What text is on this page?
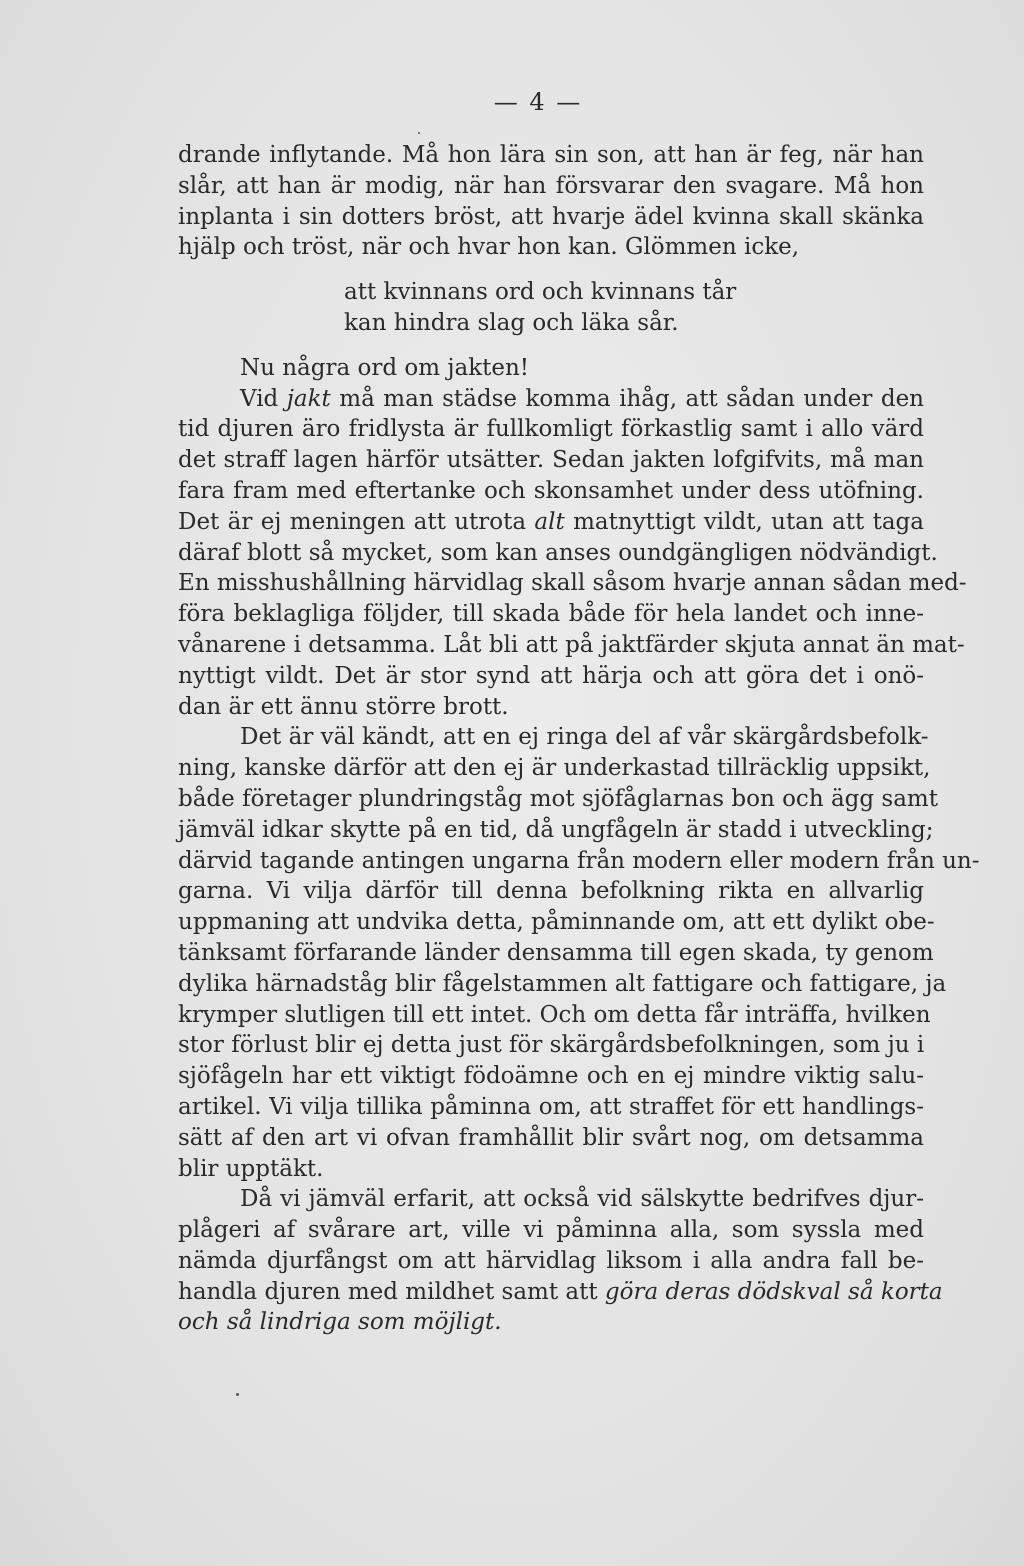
— 4 —
drande inflytande. Må hon lära sin son, att han är feg, när han
slår, att han är modig, när han försvarar den svagare. Må hon
inplanta i sin dotters bröst, att hvarje ädel kvinna skall skänka
hjälp och tröst, när och hvar hon kan. Glömmen icke,
att kvinnans ord och kvinnans tår
kan hindra slag och läka sår.
Nu några ord om jakten!
Vid jakt må man städse komma ihåg, att sådan under den
tid djuren äro fridlysta är fullkomligt förkastlig samt i allo värd
det straff lagen härför utsätter. Sedan jakten lofgifvits, må man
fara fram med eftertanke och skonsamhet under dess utöfning.
Det är ej meningen att utrota alt matnyttigt vildt, utan att taga
däraf blott så mycket, som kan anses oundgängligen nödvändigt.
En misshushållning härvidlag skall såsom hvarje annan sådan med-
föra beklagliga följder, till skada både för hela landet och inne-
vånarene i detsamma. Låt bli att på jaktfärder skjuta annat än mat-
nyttigt vildt. Det är stor synd att härja och att göra det i onö-
dan är ett ännu större brott.
Det är väl kändt, att en ej ringa del af vår skärgårdsbefolk-
ning, kanske därför att den ej är underkastad tillräcklig uppsikt,
både företager plundringståg mot sjöfåglarnas bon och ägg samt
jämväl idkar skytte på en tid, då ungfågeln är stadd i utveckling;
därvid tagande antingen ungarna från modern eller modern från un-
garna. Vi vilja därför till denna befolkning rikta en allvarlig
uppmaning att undvika detta, påminnande om, att ett dylikt obe-
tänksamt förfarande länder densamma till egen skada, ty genom
dylika härnadståg blir fågelstammen alt fattigare och fattigare, ja
krymper slutligen till ett intet. Och om detta får inträffa, hvilken
stor förlust blir ej detta just för skärgårdsbefolkningen, som ju i
sjöfågeln har ett viktigt födoämne och en ej mindre viktig salu-
artikel. Vi vilja tillika påminna om, att straffet för ett handlings-
sätt af den art vi ofvan framhållit blir svårt nog, om detsamma
blir upptäkt.
Då vi jämväl erfarit, att också vid sälskytte bedrifves djur-
plågeri af svårare art, ville vi påminna alla, som syssla med
nämda djurfångst om att härvidlag liksom i alla andra fall be-
handla djuren med mildhet samt att göra deras dödskval så korta
och så lindriga som möjligt.
